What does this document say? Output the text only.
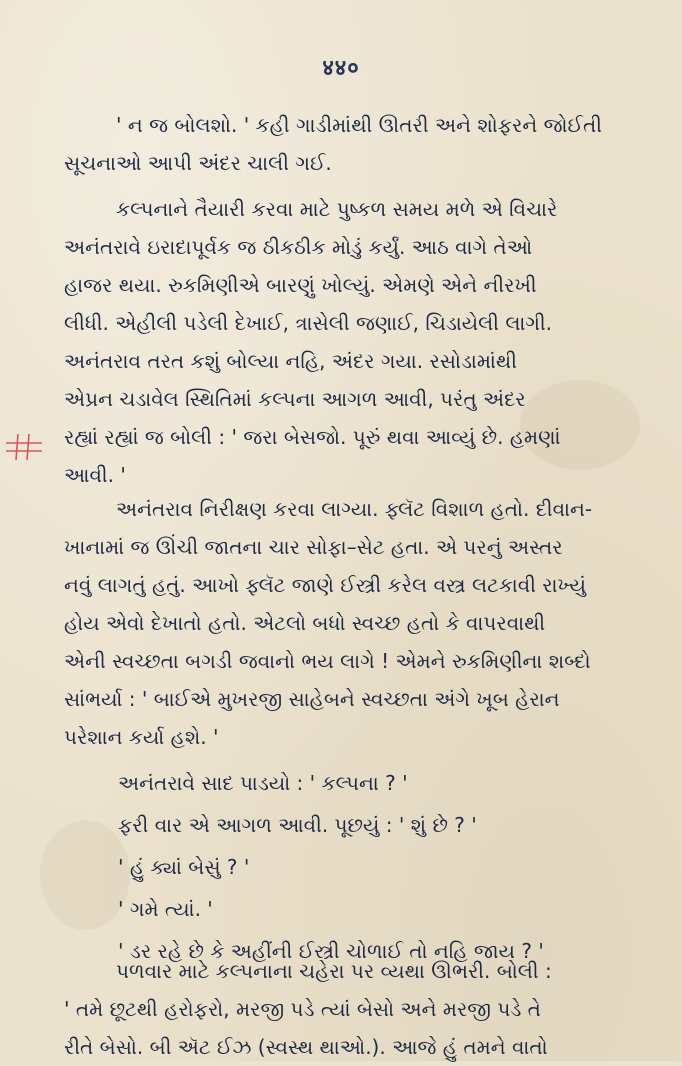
४४०
' ન જ બોલશો. ' કહી ગાડીમાંથી ઊતરી અને શોફરને જોઈતી
સૂચનાઓ આપી અંદર ચાલી ગઈ.
કલ્પનાને તૈયારી કરવા માટે પુષ્કળ સમય મળે એ વિચારે
અનંતરાવે ઇરાદાપૂર્વક જ ઠીકઠીક મોડું કર્યું. આઠ વાગે તેઓ
હાજર થયા. રુકમિણીએ બારણું ખોલ્યું. એમણે એને નીરખી
લીધી. એહીલી પડેલી દેખાઈ, ત્રાસેલી જણાઈ, ચિડાયેલી લાગી.
અનંતરાવ તરત કશું બોલ્યા નહિ, અંદર ગયા. રસોડામાંથી
એપ્રન ચડાવેલ સ્થિતિમાં કલ્પના આગળ આવી, પરંતુ અંદર
રહ્યાં રહ્યાં જ બોલી : ' જરા બેસજો. પૂરું થવા આવ્યું છે. હમણાં
આવી. '
અનંતરાવ નિરીક્ષણ કરવા લાગ્યા. ફ્લૅટ વિશાળ હતો. દીવાન-
ખાનામાં જ ઊંચી જાતના ચાર સોફા–સેટ હતા. એ પરનું અસ્તર
નવું લાગતું હતું. આખો ફ્લૅટ જાણે ઈસ્ત્રી કરેલ વસ્ત્ર લટકાવી રાખ્યું
હોય એવો દેખાતો હતો. એટલો બધો સ્વચ્છ હતો કે વાપરવાથી
એની સ્વચ્છતા બગડી જવાનો ભય લાગે ! એમને રુકમિણીના શબ્દો
સાંભર્યા : ' બાઈએ મુખરજી સાહેબને સ્વચ્છતા અંગે ખૂબ હેરાન
પરેશાન કર્યા હશે. '
અનંતરાવે સાદ પાડયો : ' કલ્પના ? '
ફરી વાર એ આગળ આવી. પૂછયું : ' શું છે ? '
' હું ક્યાં બેસું ? '
' ગમે ત્યાં. '
' ડર રહે છે કે અહીંની ઈસ્ત્રી ચોળાઈ તો નહિ જાય ? '
પળવાર માટે કલ્પનાના ચહેરા પર વ્યથા ઊભરી. બોલી :
' તમે છૂટથી હરોફરો, મરજી પડે ત્યાં બેસો અને મરજી પડે તે
રીતે બેસો. બી ઍટ ઈઝ (સ્વસ્થ થાઓ.). આજે હું તમને વાતો
